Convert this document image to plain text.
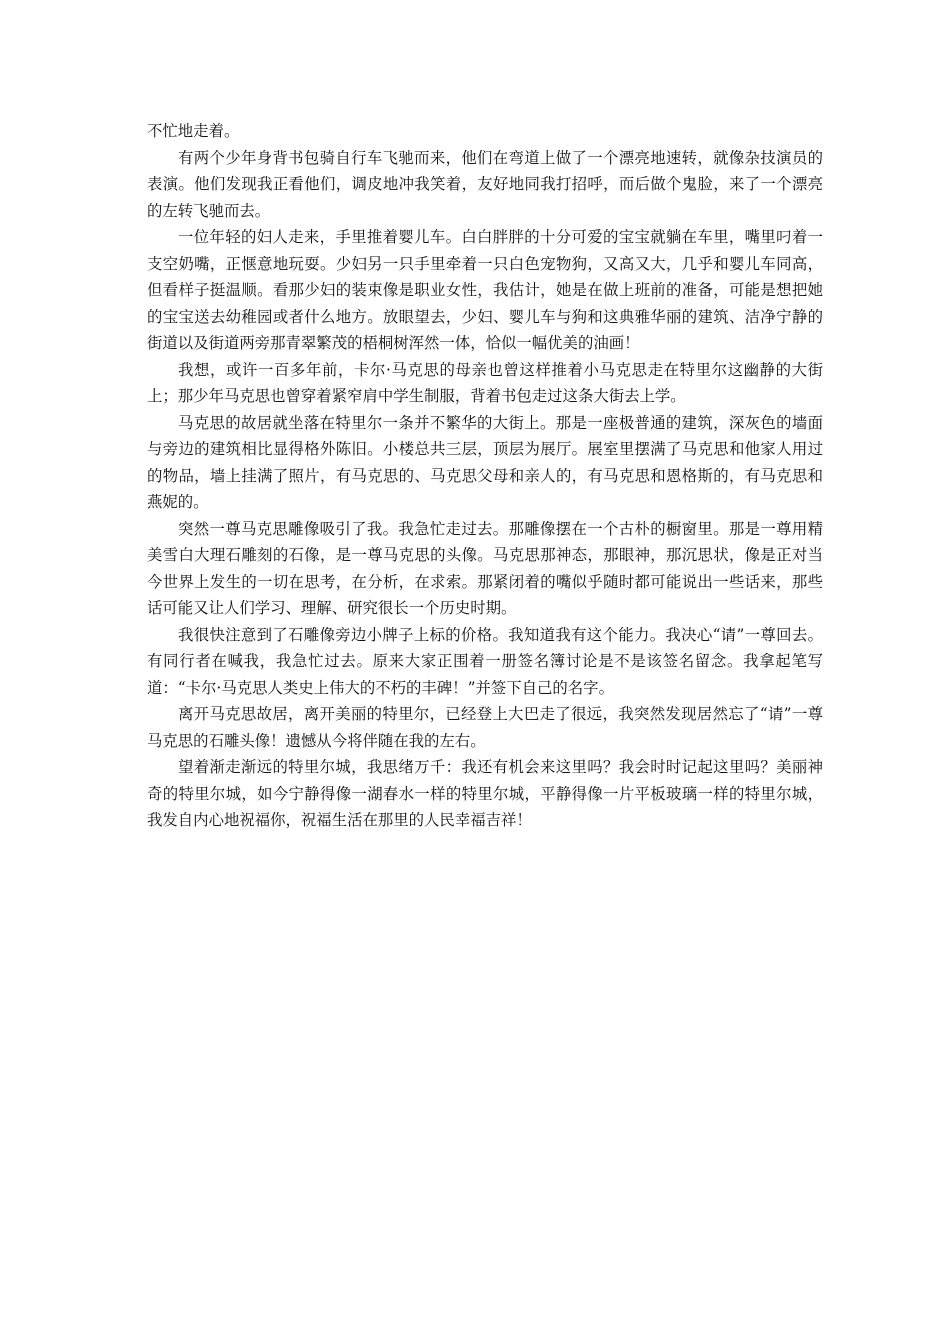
不忙地走着。

有两个少年身背书包骑自行车飞驰而来，他们在弯道上做了一个漂亮地速转，就像杂技演员的表演。他们发现我正看他们，调皮地冲我笑着，友好地同我打招呼，而后做个鬼脸，来了一个漂亮的左转飞驰而去。

一位年轻的妇人走来，手里推着婴儿车。白白胖胖的十分可爱的宝宝就躺在车里，嘴里叼着一支空奶嘴，正惬意地玩耍。少妇另一只手里牵着一只白色宠物狗，又高又大，几乎和婴儿车同高，但看样子挺温顺。看那少妇的装束像是职业女性，我估计，她是在做上班前的准备，可能是想把她的宝宝送去幼稚园或者什么地方。放眼望去，少妇、婴儿车与狗和这典雅华丽的建筑、洁净宁静的街道以及街道两旁那青翠繁茂的梧桐树浑然一体，恰似一幅优美的油画！

我想，或许一百多年前，卡尔·马克思的母亲也曾这样推着小马克思走在特里尔这幽静的大街上；那少年马克思也曾穿着紧窄肩中学生制服，背着书包走过这条大街去上学。

马克思的故居就坐落在特里尔一条并不繁华的大街上。那是一座极普通的建筑，深灰色的墙面与旁边的建筑相比显得格外陈旧。小楼总共三层，顶层为展厅。展室里摆满了马克思和他家人用过的物品，墙上挂满了照片，有马克思的、马克思父母和亲人的，有马克思和恩格斯的，有马克思和燕妮的。

突然一尊马克思雕像吸引了我。我急忙走过去。那雕像摆在一个古朴的橱窗里。那是一尊用精美雪白大理石雕刻的石像，是一尊马克思的头像。马克思那神态，那眼神，那沉思状，像是正对当今世界上发生的一切在思考，在分析，在求索。那紧闭着的嘴似乎随时都可能说出一些话来，那些话可能又让人们学习、理解、研究很长一个历史时期。

我很快注意到了石雕像旁边小牌子上标的价格。我知道我有这个能力。我决心“请”一尊回去。有同行者在喊我，我急忙过去。原来大家正围着一册签名簿讨论是不是该签名留念。我拿起笔写道：“卡尔·马克思人类史上伟大的不朽的丰碑！”并签下自己的名字。

离开马克思故居，离开美丽的特里尔，已经登上大巴走了很远，我突然发现居然忘了“请”一尊马克思的石雕头像！遗憾从今将伴随在我的左右。

望着渐走渐远的特里尔城，我思绪万千：我还有机会来这里吗？我会时时记起这里吗？美丽神奇的特里尔城，如今宁静得像一湖春水一样的特里尔城，平静得像一片平板玻璃一样的特里尔城，我发自内心地祝福你，祝福生活在那里的人民幸福吉祥！
